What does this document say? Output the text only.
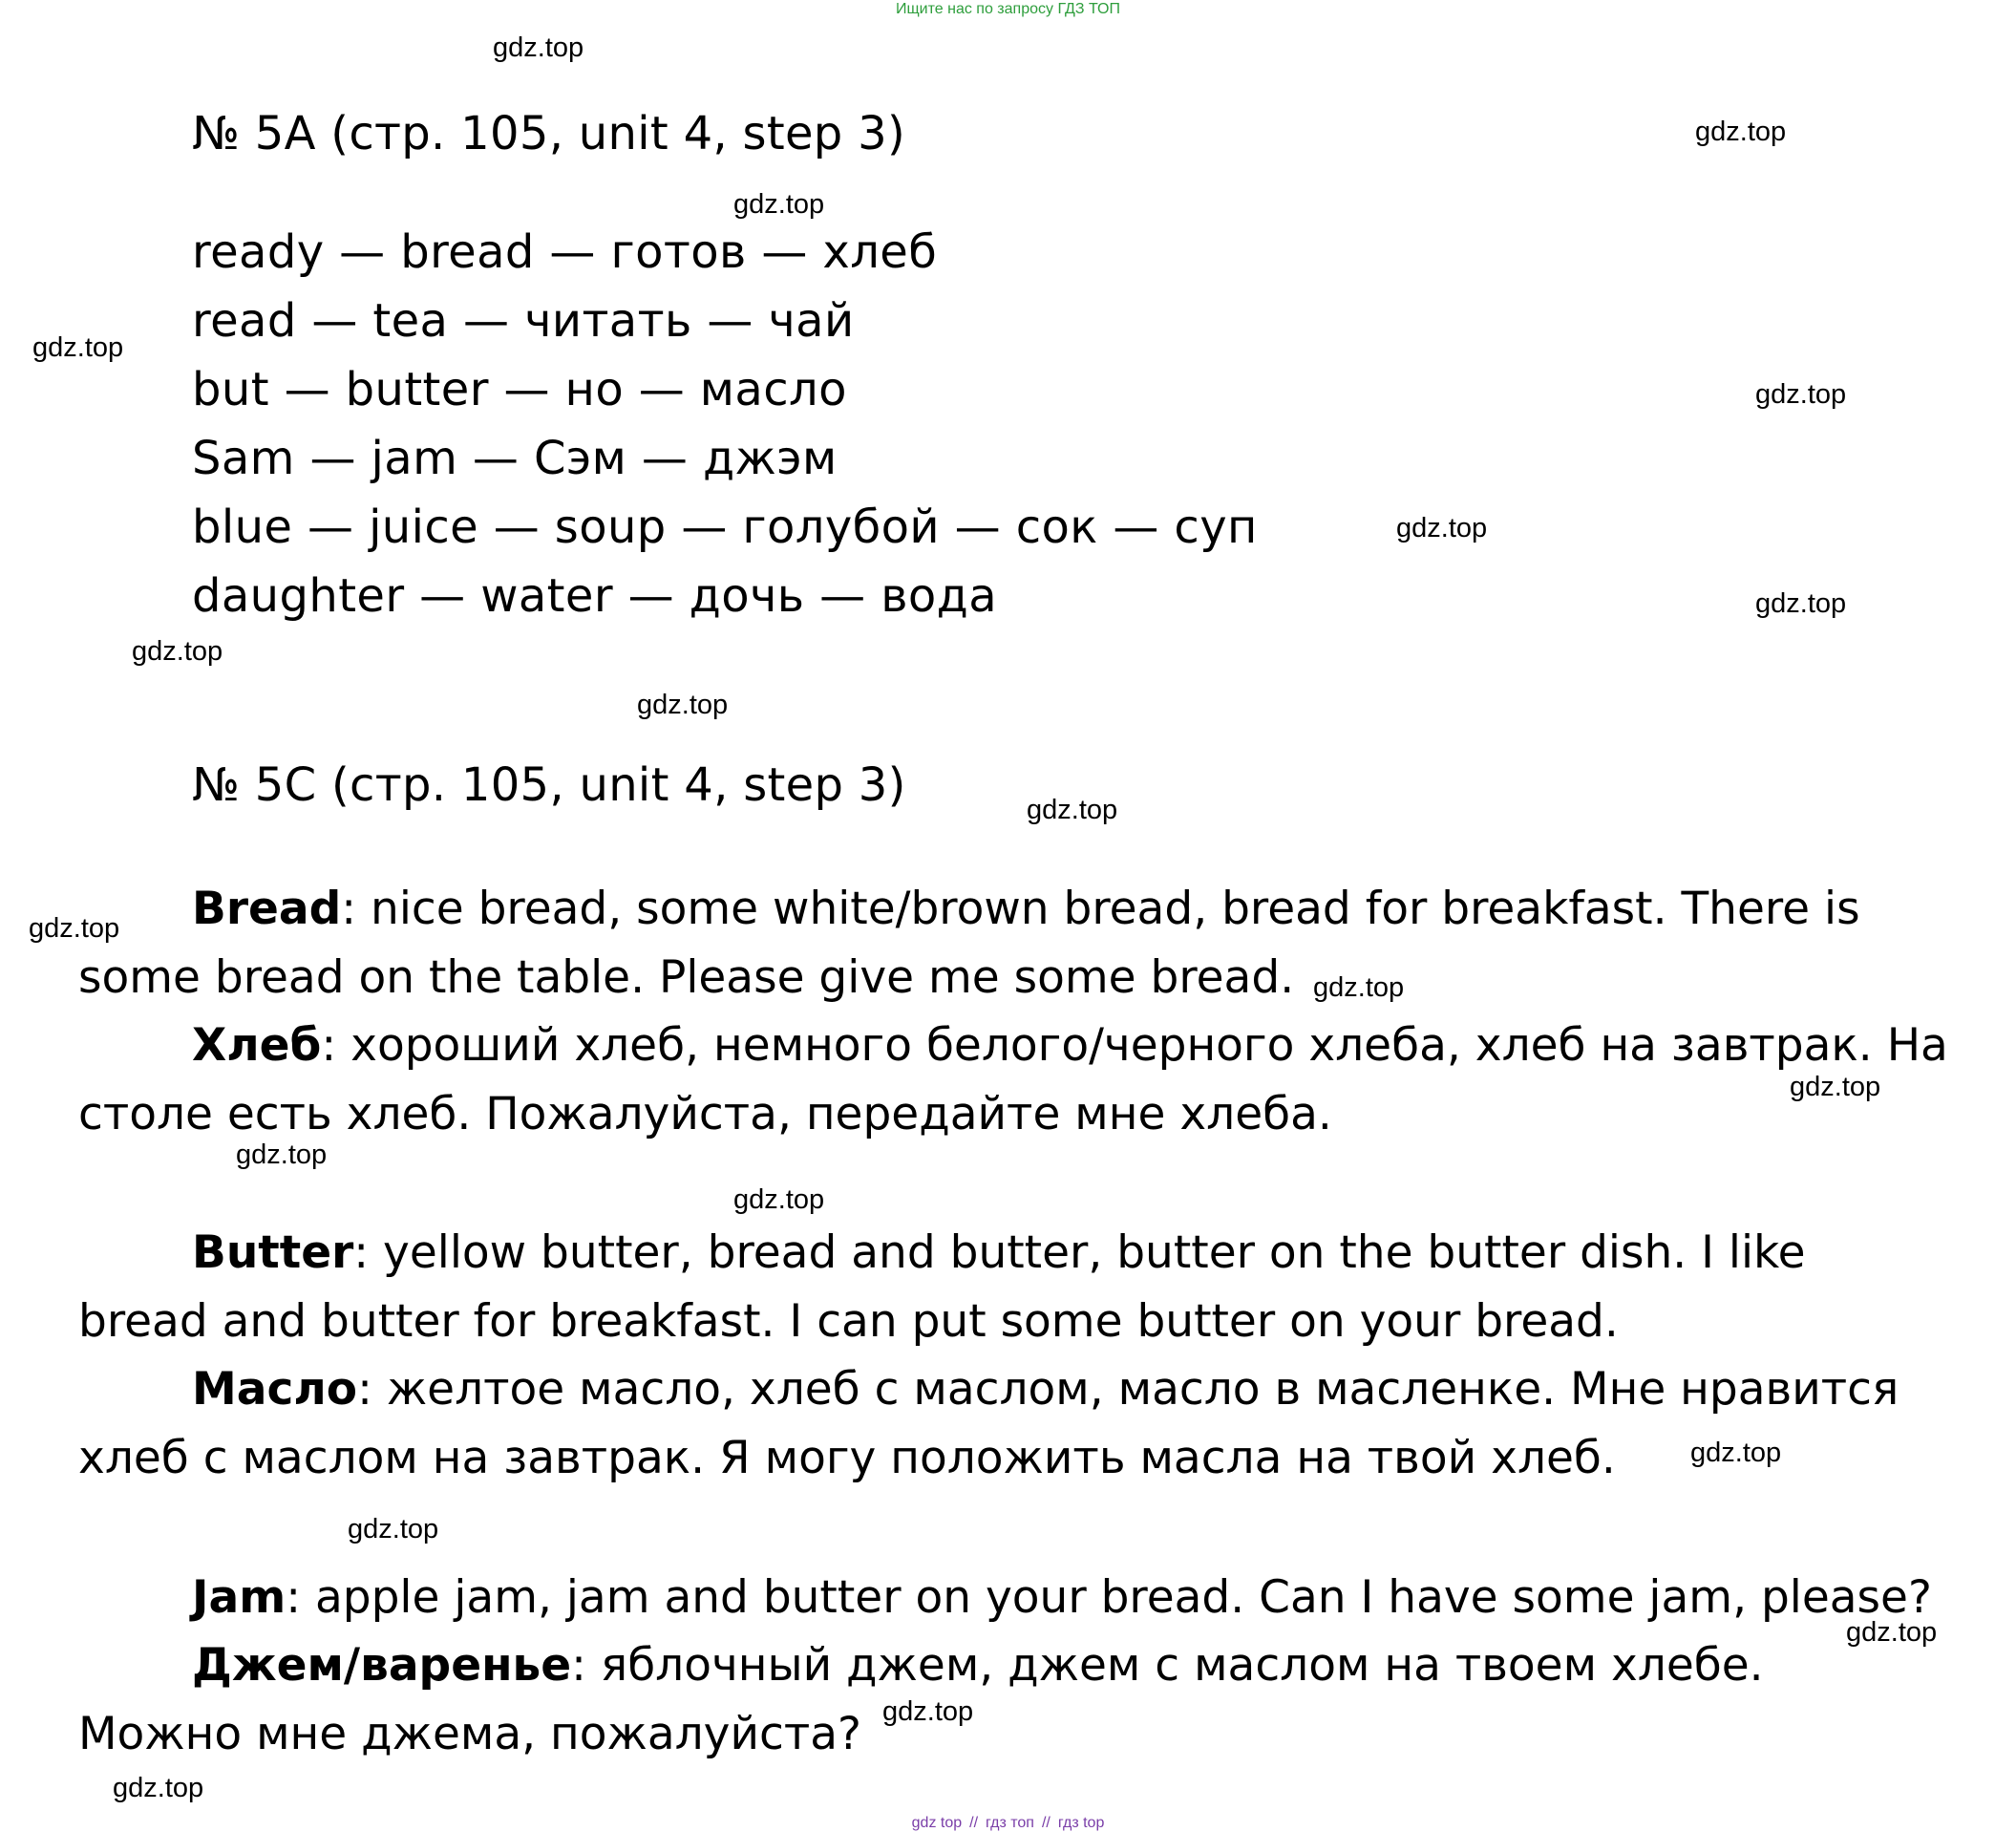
Ищите нас по запросу ГДЗ ТОП
№ 5A (стр. 105, unit 4, step 3)
ready — bread — готов — хлеб
read — tea — читать — чай
but — butter — но — масло
Sam — jam — Сэм — джэм
blue — juice — soup — голубой — сок — суп
daughter — water — дочь — вода
№ 5C (стр. 105, unit 4, step 3)
Bread: nice bread, some white/brown bread, bread for breakfast. There is
some bread on the table. Please give me some bread.
Хлеб: хороший хлеб, немного белого/черного хлеба, хлеб на завтрак. На
столе есть хлеб. Пожалуйста, передайте мне хлеба.
Butter: yellow butter, bread and butter, butter on the butter dish. I like
bread and butter for breakfast. I can put some butter on your bread.
Масло: желтое масло, хлеб с маслом, масло в масленке. Мне нравится
хлеб с маслом на завтрак. Я могу положить масла на твой хлеб.
Jam: apple jam, jam and butter on your bread. Can I have some jam, please?
Джем/варенье: яблочный джем, джем с маслом на твоем хлебе.
Можно мне джема, пожалуйста?
gdz.top
gdz.top
gdz.top
gdz.top
gdz.top
gdz.top
gdz.top
gdz.top
gdz.top
gdz.top
gdz.top
gdz.top
gdz.top
gdz.top
gdz.top
gdz.top
gdz.top
gdz.top
gdz.top
gdz.top
gdz top // гдз топ // гдз top
